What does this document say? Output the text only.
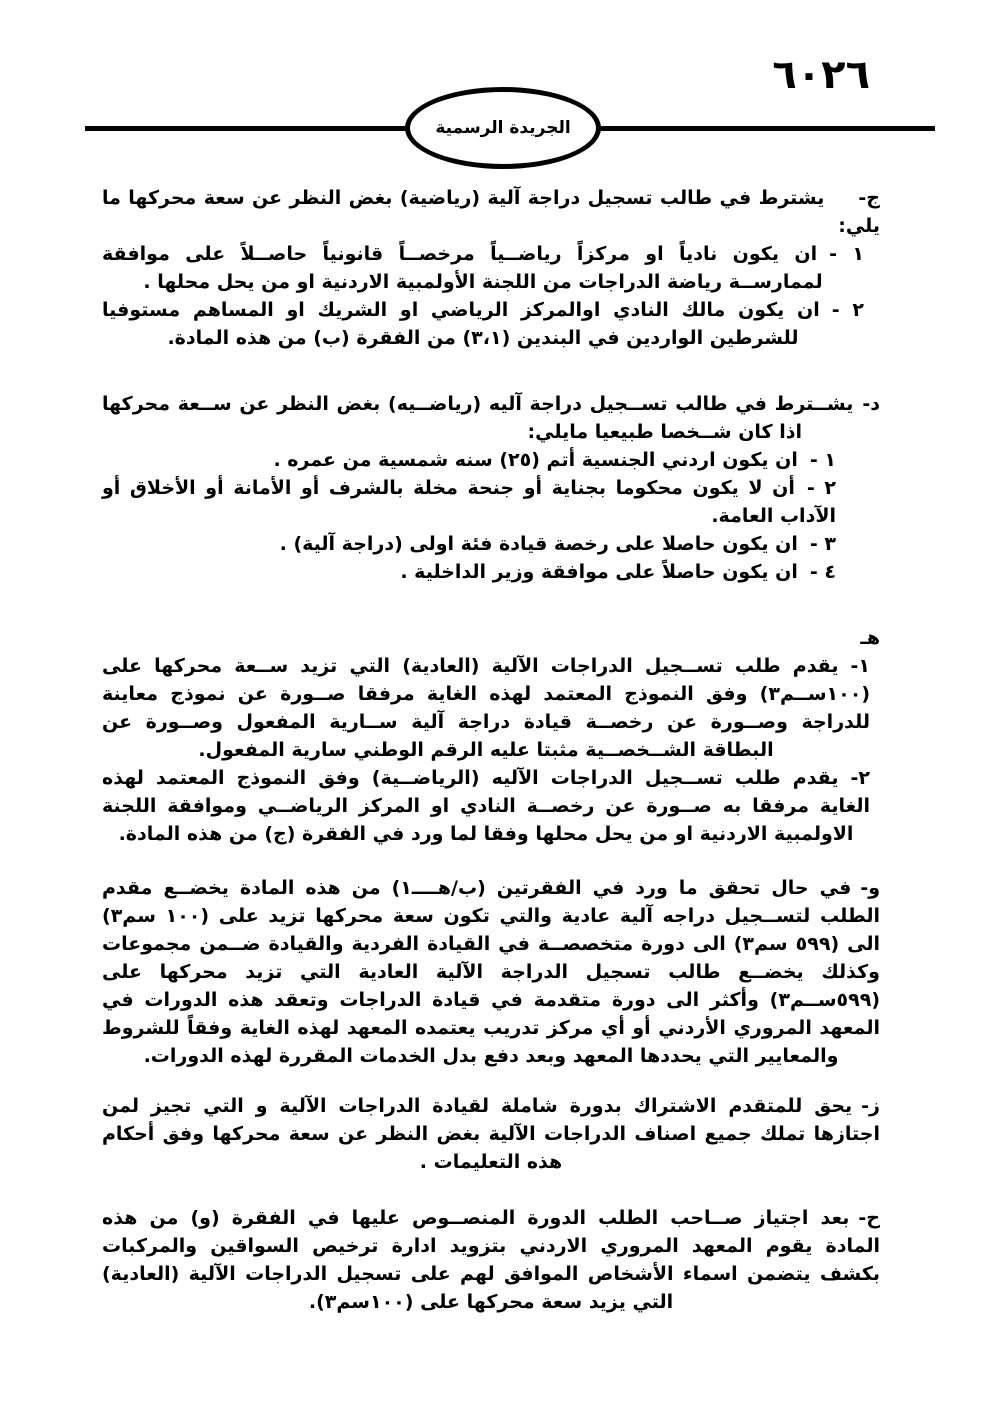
٦٠٢٦
الجريدة الرسمية

ج-يشترط في طالب تسجيل دراجة آلية (رياضية) بغض النظر عن سعة محركها ما يلي:

١ -ان يكون نادياً او مركزاً رياضــياً مرخصــاً قانونياً حاصــلاً على موافقة لممارســة رياضة الدراجات من اللجنة الأولمبية الاردنية او من يحل محلها .

٢ -ان يكون مالك النادي اوالمركز الرياضي او الشريك او المساهم مستوفيا للشرطين الواردين في البندين (٣،١) من الفقرة (ب) من هذه المادة.

د-يشــترط في طالب تســجيل دراجة آليه (رياضــيه) بغض النظر عن ســعة محركها اذا كان شــخصا طبيعيا مايلي:

١ -ان يكون اردني الجنسية أتم (٢٥) سنه شمسية من عمره .

٢ -أن لا يكون محكوما بجناية أو جنحة مخلة بالشرف أو الأمانة أو الأخلاق أو الآداب العامة.

٣ -ان يكون حاصلا على رخصة قيادة فئة اولى (دراجة آلية) .

٤ -ان يكون حاصلاً على موافقة وزير الداخلية .

هـ

١-يقدم طلب تســجيل الدراجات الآلية (العادية) التي تزيد ســعة محركها على (١٠٠ســم٣) وفق النموذج المعتمد لهذه الغاية مرفقا صــورة عن نموذج معاينة للدراجة وصــورة عن رخصــة قيادة دراجة آلية ســارية المفعول وصــورة عن البطاقة الشــخصــية مثبتا عليه الرقم الوطني سارية المفعول.

٢-يقدم طلب تســجيل الدراجات الآليه (الرياضــية) وفق النموذج المعتمد لهذه الغاية مرفقا به صــورة عن رخصــة النادي او المركز الرياضــي وموافقة اللجنة الاولمبية الاردنية او من يحل محلها وفقا لما ورد في الفقرة (ج) من هذه المادة.

و-في حال تحقق ما ورد في الفقرتين (ب/هــــ١) من هذه المادة يخضــع مقدم الطلب لتســجيل دراجه آلية عادية والتي تكون سعة محركها تزيد على (١٠٠ سم٣) الى (٥٩٩ سم٣) الى دورة متخصصــة في القيادة الفردية والقيادة ضــمن مجموعات وكذلك يخضــع طالب تسجيل الدراجة الآلية العادية التي تزيد محركها على (٥٩٩ســم٣) وأكثر الى دورة متقدمة في قيادة الدراجات وتعقد هذه الدورات في المعهد المروري الأردني أو أي مركز تدريب يعتمده المعهد لهذه الغاية وفقاً للشروط والمعايير التي يحددها المعهد وبعد دفع بدل الخدمات المقررة لهذه الدورات.

ز-يحق للمتقدم الاشتراك بدورة شاملة لقيادة الدراجات الآلية و التي تجيز لمن اجتازها تملك جميع اصناف الدراجات الآلية بغض النظر عن سعة محركها وفق أحكام هذه التعليمات .

ح-بعد اجتياز صــاحب الطلب الدورة المنصــوص عليها في الفقرة (و) من هذه المادة يقوم المعهد المروري الاردني بتزويد ادارة ترخيص السواقين والمركبات بكشف يتضمن اسماء الأشخاص الموافق لهم على تسجيل الدراجات الآلية (العادية) التي يزيد سعة محركها على (١٠٠سم٣).
